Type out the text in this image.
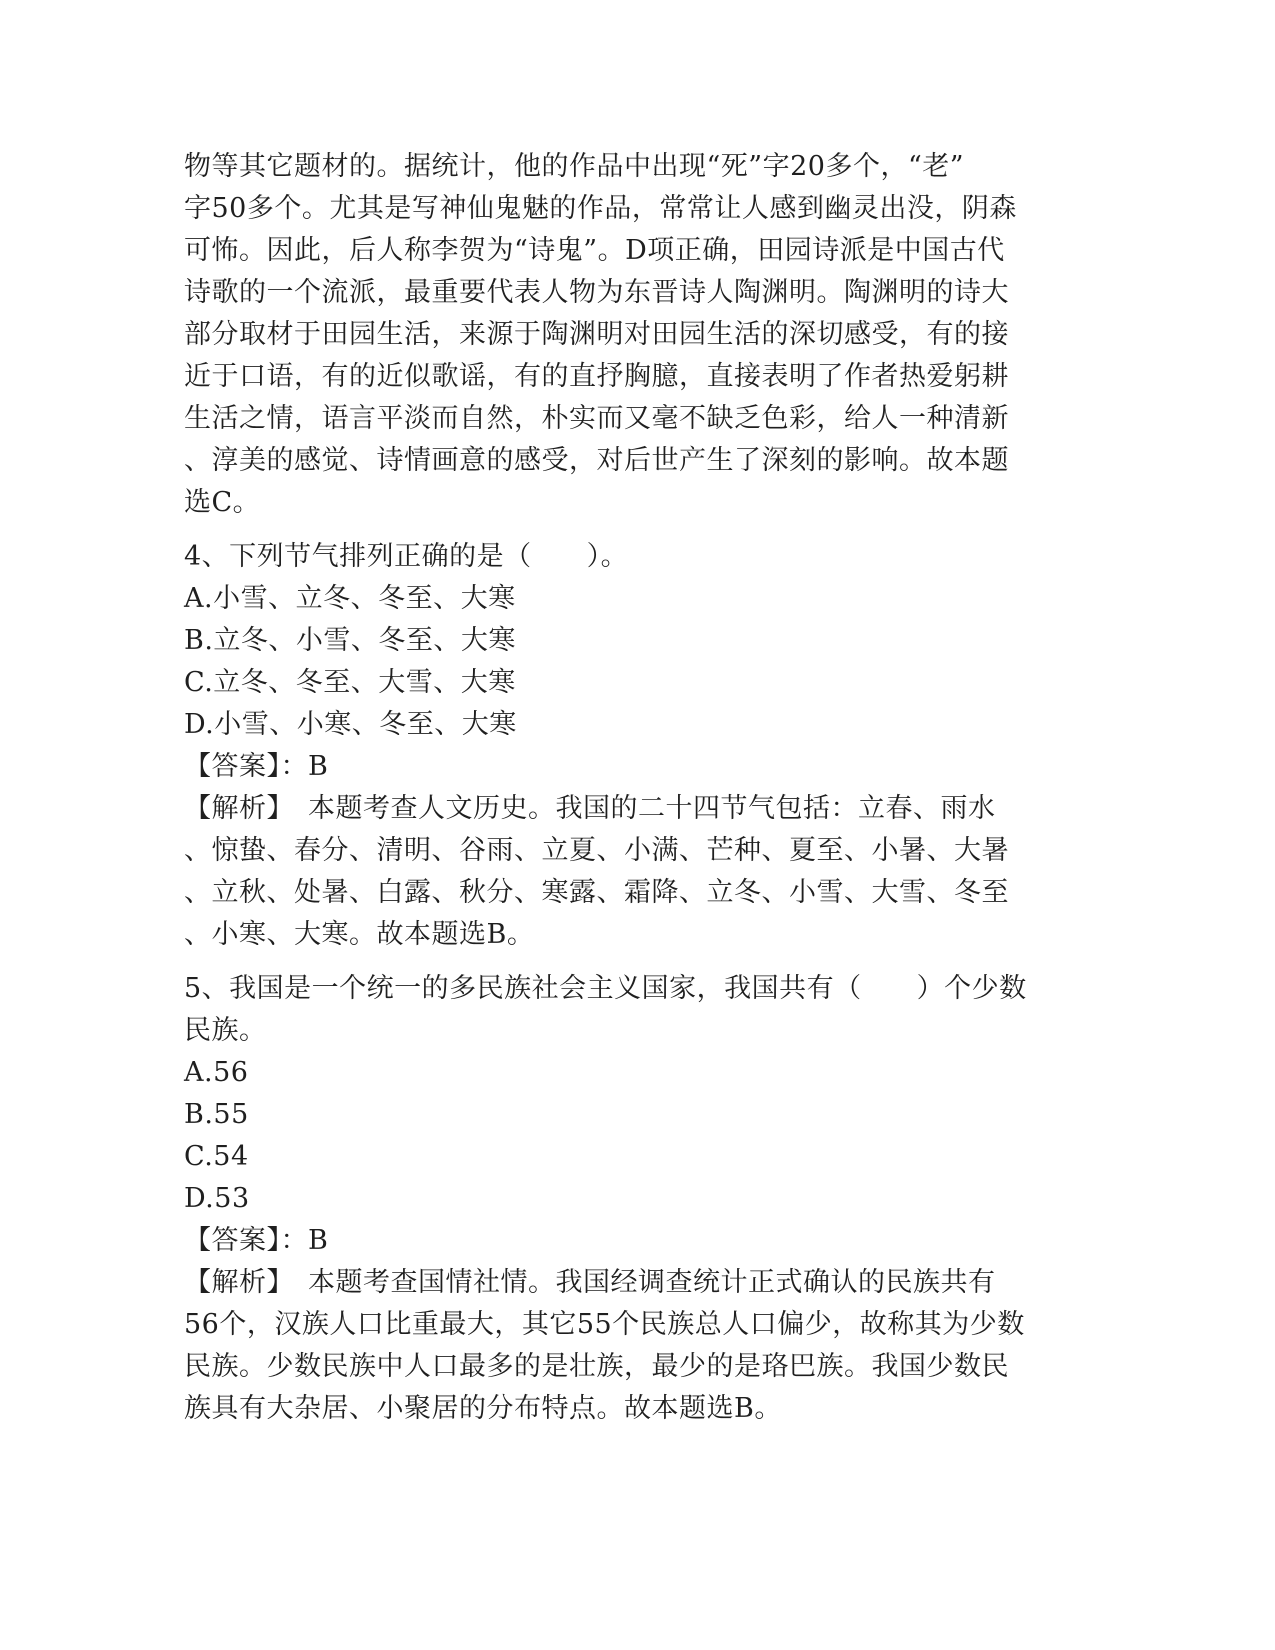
物等其它题材的。据统计，他的作品中出现“死”字20多个，“老”
字50多个。尤其是写神仙鬼魅的作品，常常让人感到幽灵出没，阴森
可怖。因此，后人称李贺为“诗鬼”。D项正确，田园诗派是中国古代
诗歌的一个流派，最重要代表人物为东晋诗人陶渊明。陶渊明的诗大
部分取材于田园生活，来源于陶渊明对田园生活的深切感受，有的接
近于口语，有的近似歌谣，有的直抒胸臆，直接表明了作者热爱躬耕
生活之情，语言平淡而自然，朴实而又毫不缺乏色彩，给人一种清新
、淳美的感觉、诗情画意的感受，对后世产生了深刻的影响。故本题
选C。
4、下列节气排列正确的是（　　）。
A.小雪、立冬、冬至、大寒
B.立冬、小雪、冬至、大寒
C.立冬、冬至、大雪、大寒
D.小雪、小寒、冬至、大寒
【答案】：B
【解析】　本题考查人文历史。我国的二十四节气包括：立春、雨水
、惊蛰、春分、清明、谷雨、立夏、小满、芒种、夏至、小暑、大暑
、立秋、处暑、白露、秋分、寒露、霜降、立冬、小雪、大雪、冬至
、小寒、大寒。故本题选B。
5、我国是一个统一的多民族社会主义国家，我国共有（　　）个少数
民族。
A.56
B.55
C.54
D.53
【答案】：B
【解析】　本题考查国情社情。我国经调查统计正式确认的民族共有
56个，汉族人口比重最大，其它55个民族总人口偏少，故称其为少数
民族。少数民族中人口最多的是壮族，最少的是珞巴族。我国少数民
族具有大杂居、小聚居的分布特点。故本题选B。
